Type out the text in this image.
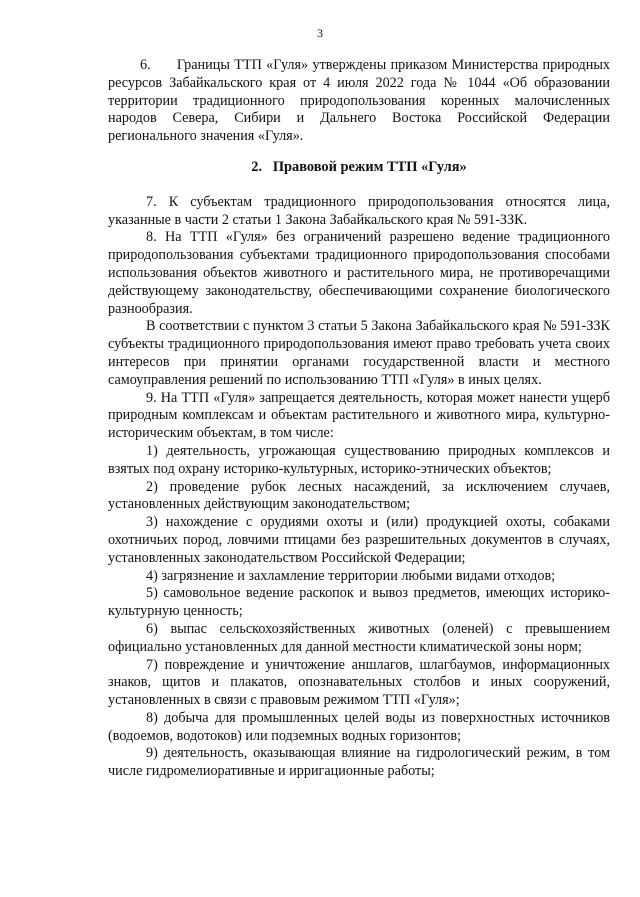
3

6.      Границы ТТП «Гуля» утверждены приказом Министерства природных ресурсов Забайкальского края от 4 июля 2022 года № 1044 «Об образовании территории традиционного природопользования коренных малочисленных народов Севера, Сибири и Дальнего Востока Российской Федерации регионального значения «Гуля».

2.   Правовой режим ТТП «Гуля»

7. К субъектам традиционного природопользования относятся лица, указанные в части 2 статьи 1 Закона Забайкальского края № 591-ЗЗК.

8. На ТТП «Гуля» без ограничений разрешено ведение традиционного природопользования субъектами традиционного природопользования способами использования объектов животного и растительного мира, не противоречащими действующему законодательству, обеспечивающими сохранение биологического разнообразия.

В соответствии с пунктом 3 статьи 5 Закона Забайкальского края № 591-ЗЗК субъекты традиционного природопользования имеют право требовать учета своих интересов при принятии органами государственной власти и местного самоуправления решений по использованию ТТП «Гуля» в иных целях.

9. На ТТП «Гуля» запрещается деятельность, которая может нанести ущерб природным комплексам и объектам растительного и животного мира, культурно-историческим объектам, в том числе:

1) деятельность, угрожающая существованию природных комплексов и взятых под охрану историко-культурных, историко-этнических объектов;

2) проведение рубок лесных насаждений, за исключением случаев, установленных действующим законодательством;

3) нахождение с орудиями охоты и (или) продукцией охоты, собаками охотничьих пород, ловчими птицами без разрешительных документов в случаях, установленных законодательством Российской Федерации;

4) загрязнение и захламление территории любыми видами отходов;

5) самовольное ведение раскопок и вывоз предметов, имеющих историко-культурную ценность;

6) выпас сельскохозяйственных животных (оленей) с превышением официально установленных для данной местности климатической зоны норм;

7) повреждение и уничтожение аншлагов, шлагбаумов, информационных знаков, щитов и плакатов, опознавательных столбов и иных сооружений, установленных в связи с правовым режимом ТТП «Гуля»;

8) добыча для промышленных целей воды из поверхностных источников (водоемов, водотоков) или подземных водных горизонтов;

9) деятельность, оказывающая влияние на гидрологический режим, в том числе гидромелиоративные и ирригационные работы;
